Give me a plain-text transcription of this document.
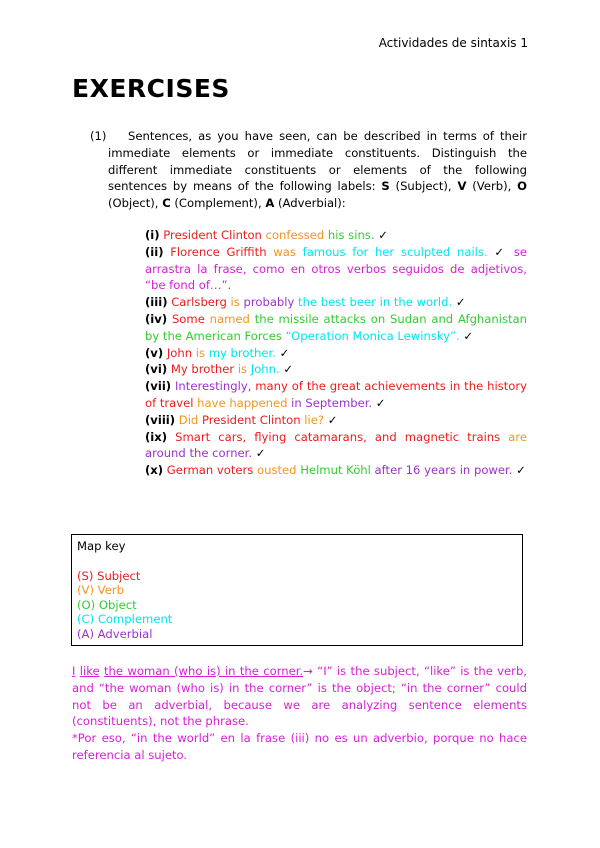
Actividades de sintaxis 1
EXERCISES
(1)	Sentences, as you have seen, can be described in terms of their immediate elements or immediate constituents. Distinguish the different immediate constituents or elements of the following sentences by means of the following labels: S (Subject), V (Verb), O (Object), C (Complement), A (Adverbial):

(i) President Clinton confessed his sins. ✓
(ii) Florence Griffith was famous for her sculpted nails. ✓ se arrastra la frase, como en otros verbos seguidos de adjetivos, “be fond of…”.
(iii) Carlsberg is probably the best beer in the world. ✓
(iv) Some named the missile attacks on Sudan and Afghanistan by the American Forces “Operation Monica Lewinsky”. ✓
(v) John is my brother. ✓
(vi) My brother is John. ✓
(vii) Interestingly, many of the great achievements in the history of travel have happened in September. ✓
(viii) Did President Clinton lie? ✓
(ix) Smart cars, flying catamarans, and magnetic trains are around the corner. ✓
(x) German voters ousted Helmut Köhl after 16 years in power. ✓
Map key
(S) Subject
(V) Verb
(O) Object
(C) Complement
(A) Adverbial

I like the woman (who is) in the corner.→ “I” is the subject, “like” is the verb, and “the woman (who is) in the corner” is the object; “in the corner” could not be an adverbial, because we are analyzing sentence elements (constituents), not the phrase.

*Por eso, “in the world” en la frase (iii) no es un adverbio, porque no hace referencia al sujeto.
